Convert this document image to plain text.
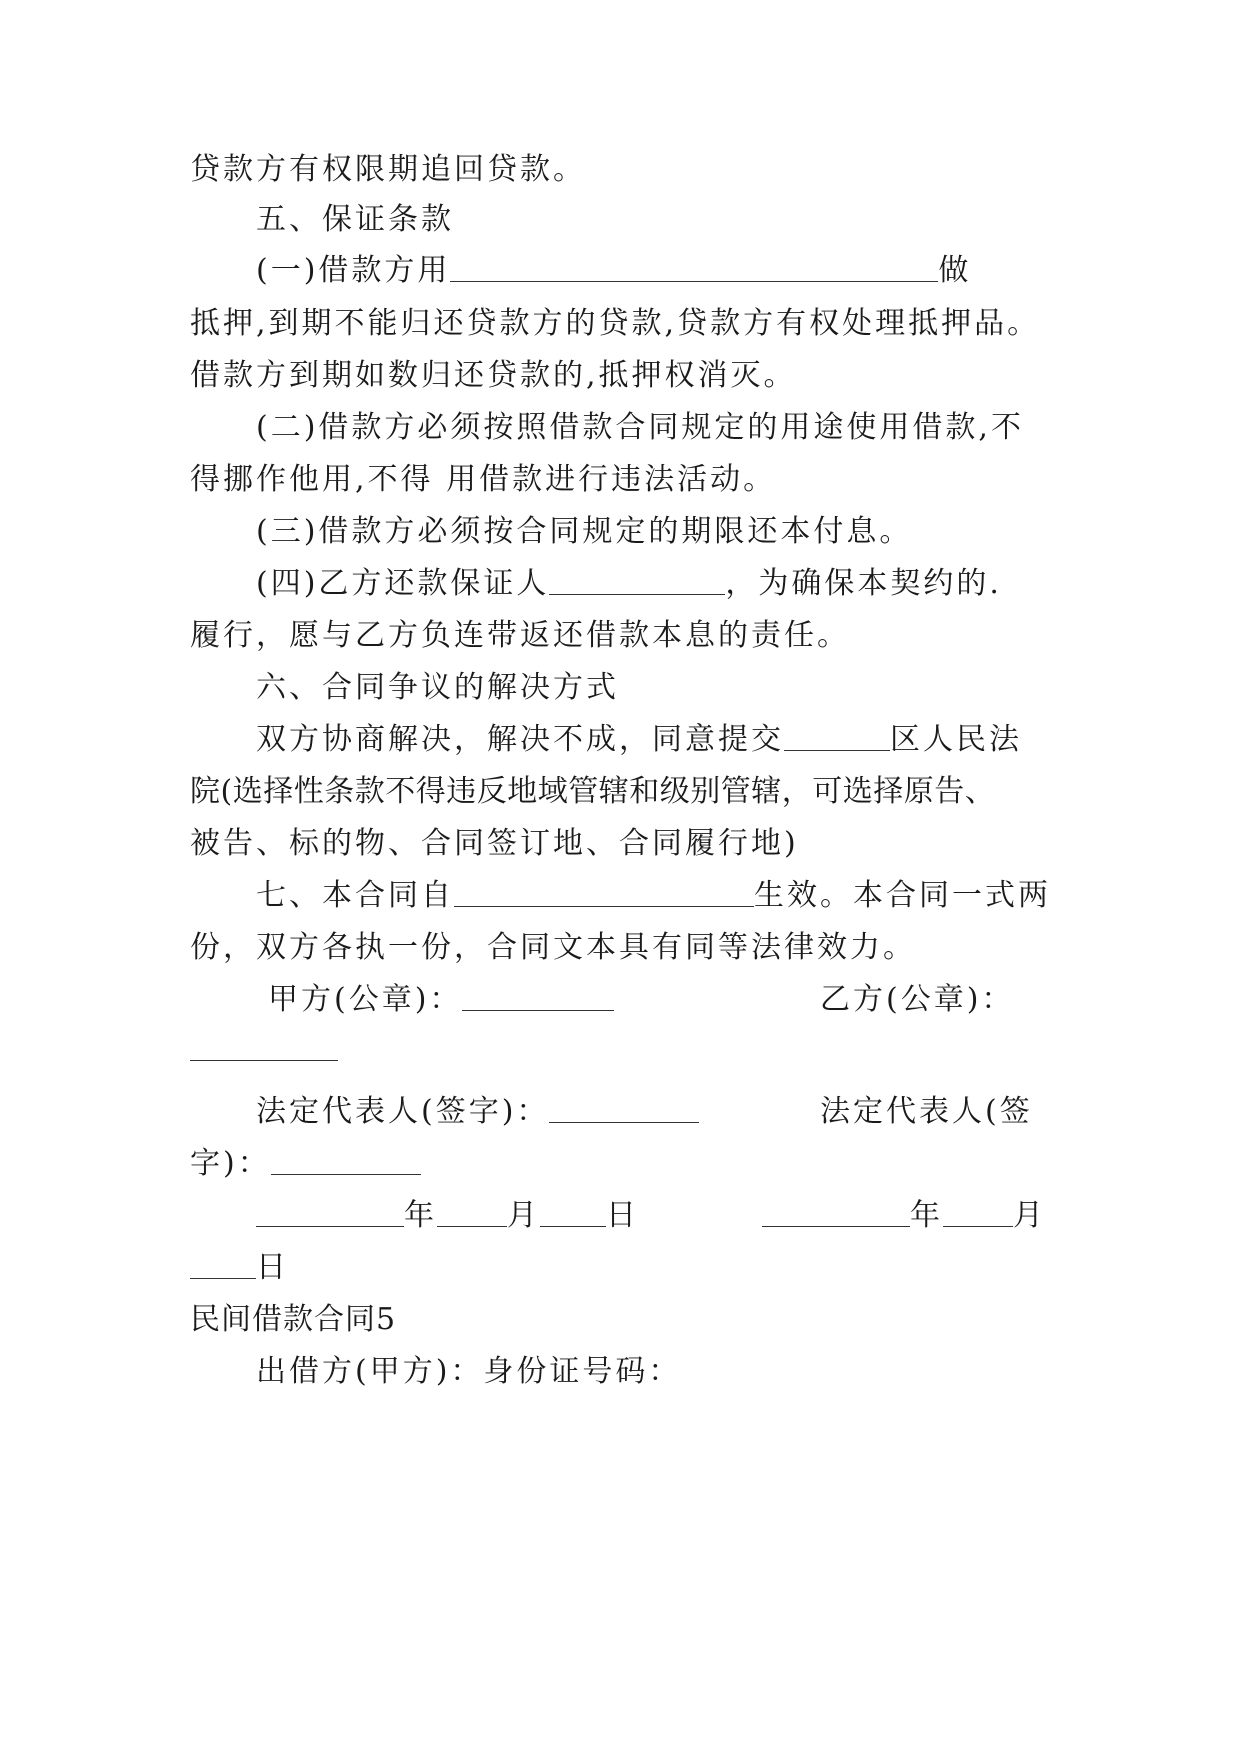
贷款方有权限期追回贷款。
五、保证条款
(一)借款方用	做
抵押,到期不能归还贷款方的贷款,贷款方有权处理抵押品。
借款方到期如数归还贷款的,抵押权消灭。
(二)借款方必须按照借款合同规定的用途使用借款,不
得挪作他用,不得 用借款进行违法活动。
(三)借款方必须按合同规定的期限还本付息。
(四)乙方还款保证人	，为确保本契约的.
履行，愿与乙方负连带返还借款本息的责任。
六、合同争议的解决方式
双方协商解决，解决不成，同意提交	区人民法
院(选择性条款不得违反地域管辖和级别管辖，可选择原告、
被告、标的物、合同签订地、合同履行地)
七、本合同自	生效。本合同一式两
份，双方各执一份，合同文本具有同等法律效力。
甲方(公章)：	乙方(公章)：
法定代表人(签字)：	法定代表人(签
字)：
年 月 日	年 月
日
民间借款合同5
出借方(甲方)：身份证号码：
